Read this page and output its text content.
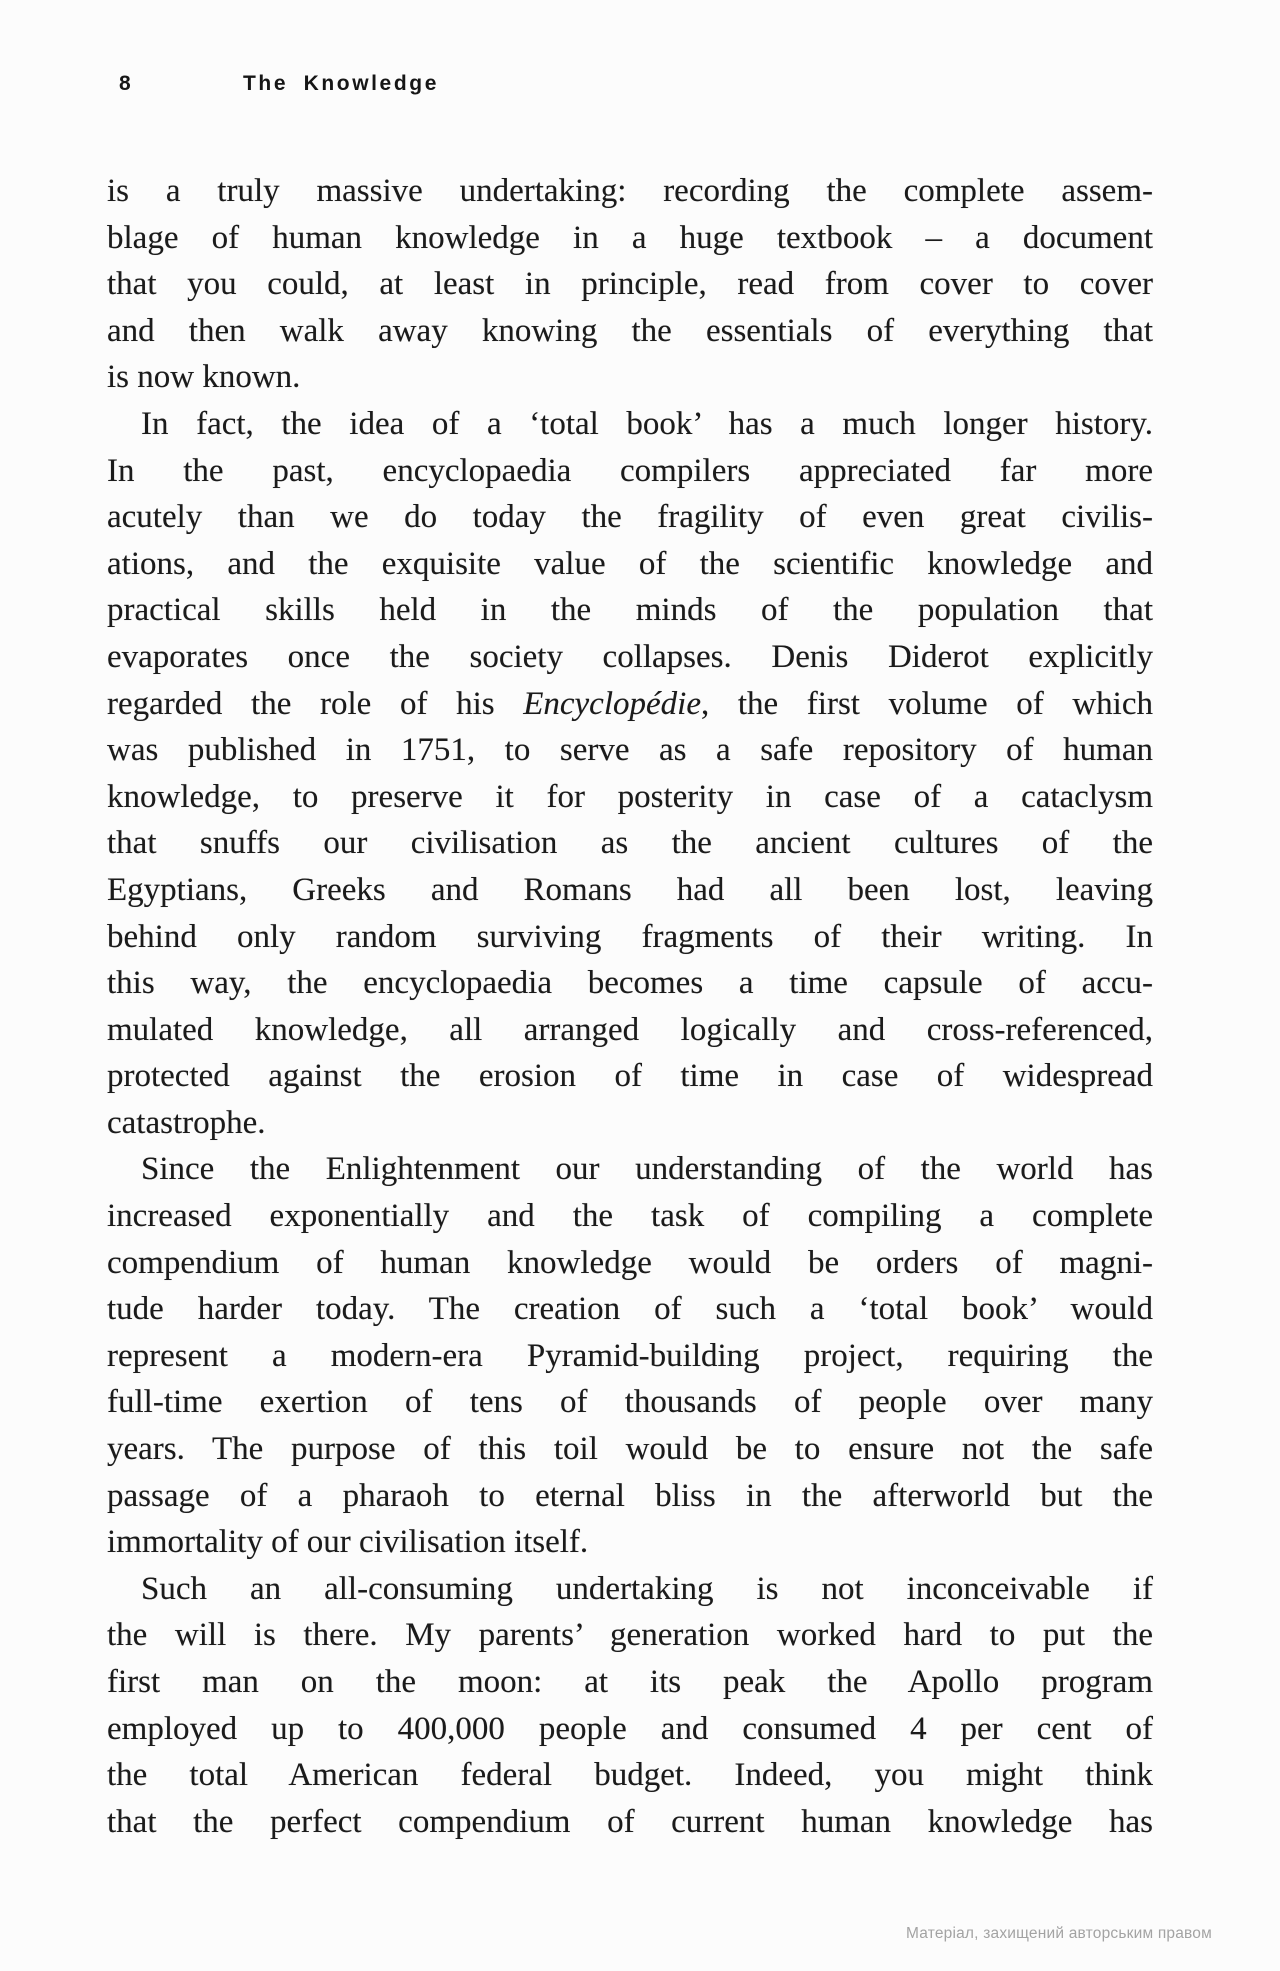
8	The Knowledge
is a truly massive undertaking: recording the complete assem-
blage of human knowledge in a huge textbook – a document
that you could, at least in principle, read from cover to cover
and then walk away knowing the essentials of everything that
is now known.
In fact, the idea of a ‘total book’ has a much longer history.
In the past, encyclopaedia compilers appreciated far more
acutely than we do today the fragility of even great civilis-
ations, and the exquisite value of the scientific knowledge and
practical skills held in the minds of the population that
evaporates once the society collapses. Denis Diderot explicitly
regarded the role of his Encyclopédie, the first volume of which
was published in 1751, to serve as a safe repository of human
knowledge, to preserve it for posterity in case of a cataclysm
that snuffs our civilisation as the ancient cultures of the
Egyptians, Greeks and Romans had all been lost, leaving
behind only random surviving fragments of their writing. In
this way, the encyclopaedia becomes a time capsule of accu-
mulated knowledge, all arranged logically and cross-referenced,
protected against the erosion of time in case of widespread
catastrophe.
Since the Enlightenment our understanding of the world has
increased exponentially and the task of compiling a complete
compendium of human knowledge would be orders of magni-
tude harder today. The creation of such a ‘total book’ would
represent a modern-era Pyramid-building project, requiring the
full-time exertion of tens of thousands of people over many
years. The purpose of this toil would be to ensure not the safe
passage of a pharaoh to eternal bliss in the afterworld but the
immortality of our civilisation itself.
Such an all-consuming undertaking is not inconceivable if
the will is there. My parents’ generation worked hard to put the
first man on the moon: at its peak the Apollo program
employed up to 400,000 people and consumed 4 per cent of
the total American federal budget. Indeed, you might think
that the perfect compendium of current human knowledge has
Матеріал, захищений авторським правом
